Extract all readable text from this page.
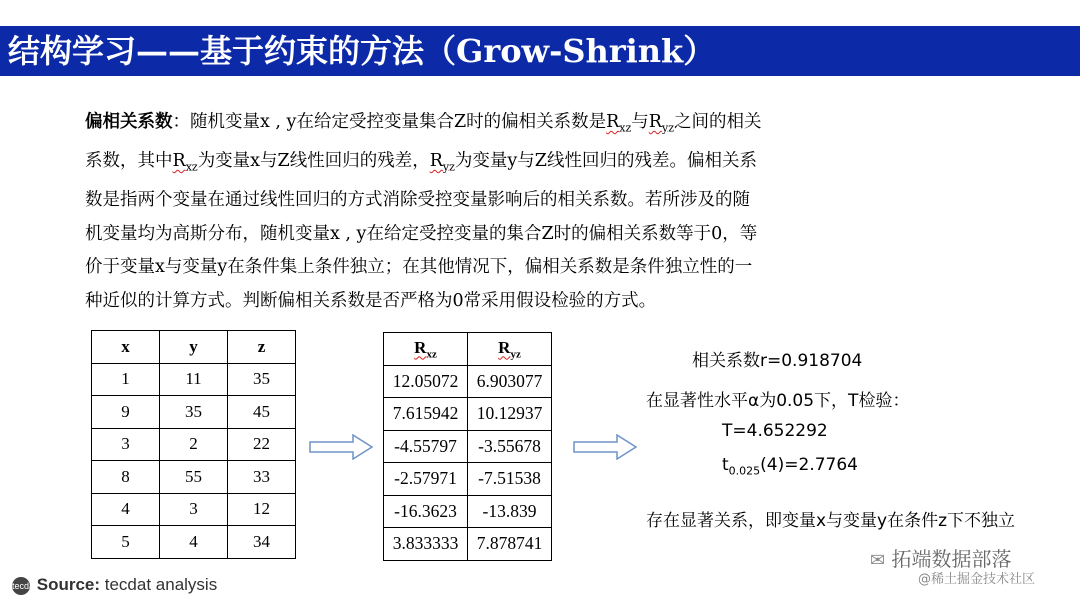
结构学习——基于约束的方法（Grow-Shrink）

偏相关系数：随机变量x , y在给定受控变量集合Z时的偏相关系数是$R_{xz}$与$R_{yz}$之间的相关

系数，其中$R_{xz}$为变量x与Z线性回归的残差，$R_{yz}$为变量y与Z线性回归的残差。偏相关系

数是指两个变量在通过线性回归的方式消除受控变量影响后的相关系数。若所涉及的随

机变量均为高斯分布，随机变量x , y在给定受控变量的集合Z时的偏相关系数等于0，等

价于变量x与变量y在条件集上条件独立；在其他情况下，偏相关系数是条件独立性的一

种近似的计算方式。判断偏相关系数是否严格为0常采用假设检验的方式。

x	y	z
1	11	35
9	35	45
3	2	22
8	55	33
4	3	12
5	4	34
$R_{xz}$	$R_{yz}$
12.05072	6.903077
7.615942	10.12937
-4.55797	-3.55678
-2.57971	-7.51538
-16.3623	-13.839
3.833333	7.878741
相关系数r=0.918704
在显著性水平α为0.05下，T检验：
T=4.652292
$t_{0.025}(4)=2.7764$
存在显著关系，即变量x与变量y在条件z下不独立
tecdat Source: tecdat analysis
✉ 拓端数据部落
@稀土掘金技术社区
